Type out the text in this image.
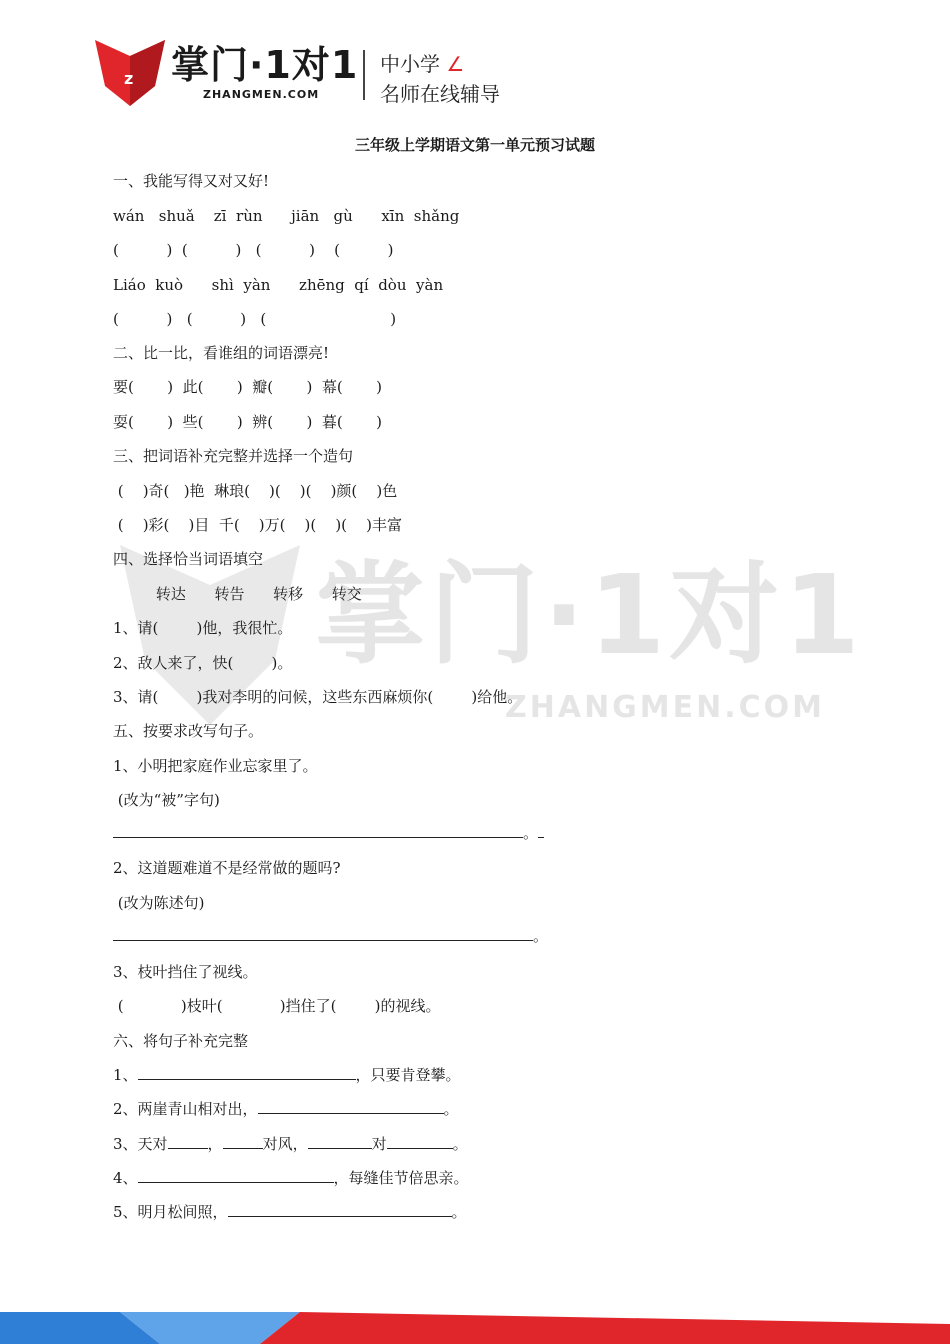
z 掌门·1对1
ZHANGMEN.COM
中小学 ∠
名师在线辅导
掌门·1对1
ZHANGMEN.COM
三年级上学期语文第一单元预习试题
一、我能写得又对又好!
wán   shuǎ    zī  rùn      jiān   gù      xīn  shǎng
(          )  (          )   (          )    (          )
Liáo  kuò      shì  yàn      zhēng  qí  dòu  yàn
(          )   (          )   (                          )
二、比一比，看谁组的词语漂亮!
要(       )  此(       )  瓣(       )  幕(       )
耍(       )  些(       )  辨(       )  暮(       )
三、把词语补充完整并选择一个造句
(    )奇(   )艳  琳琅(    )(    )(    )颜(    )色
(    )彩(    )目  千(    )万(    )(    )(    )丰富
四、选择恰当词语填空
转达      转告      转移      转交
1、请(        )他，我很忙。
2、敌人来了，快(        )。
3、请(        )我对李明的问候，这些东西麻烦你(        )给他。
五、按要求改写句子。
1、小明把家庭作业忘家里了。
(改为“被”字句)
。
2、这道题难道不是经常做的题吗?
(改为陈述句)
。
3、枝叶挡住了视线。
(            )枝叶(            )挡住了(        )的视线。
六、将句子补充完整
1、	，只要肯登攀。
2、两崖青山相对出，	。
3、天对	，	对风，	对	。
4、	，每缝佳节倍思亲。
5、明月松间照，	。
